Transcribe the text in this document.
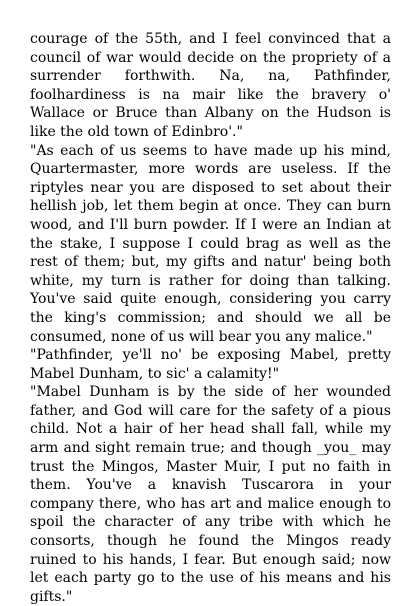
courage of the 55th, and I feel convinced that a council of war would decide on the propriety of a surrender forthwith. Na, na, Pathfinder, foolhardiness is na mair like the bravery o' Wallace or Bruce than Albany on the Hudson is like the old town of Edinbro'."

"As each of us seems to have made up his mind, Quartermaster, more words are useless. If the riptyles near you are disposed to set about their hellish job, let them begin at once. They can burn wood, and I'll burn powder. If I were an Indian at the stake, I suppose I could brag as well as the rest of them; but, my gifts and natur' being both white, my turn is rather for doing than talking. You've said quite enough, considering you carry the king's commission; and should we all be consumed, none of us will bear you any malice."

"Pathfinder, ye'll no' be exposing Mabel, pretty Mabel Dunham, to sic' a calamity!"

"Mabel Dunham is by the side of her wounded father, and God will care for the safety of a pious child. Not a hair of her head shall fall, while my arm and sight remain true; and though _you_ may trust the Mingos, Master Muir, I put no faith in them. You've a knavish Tuscarora in your company there, who has art and malice enough to spoil the character of any tribe with which he consorts, though he found the Mingos ready ruined to his hands, I fear. But enough said; now let each party go to the use of his means and his gifts."
